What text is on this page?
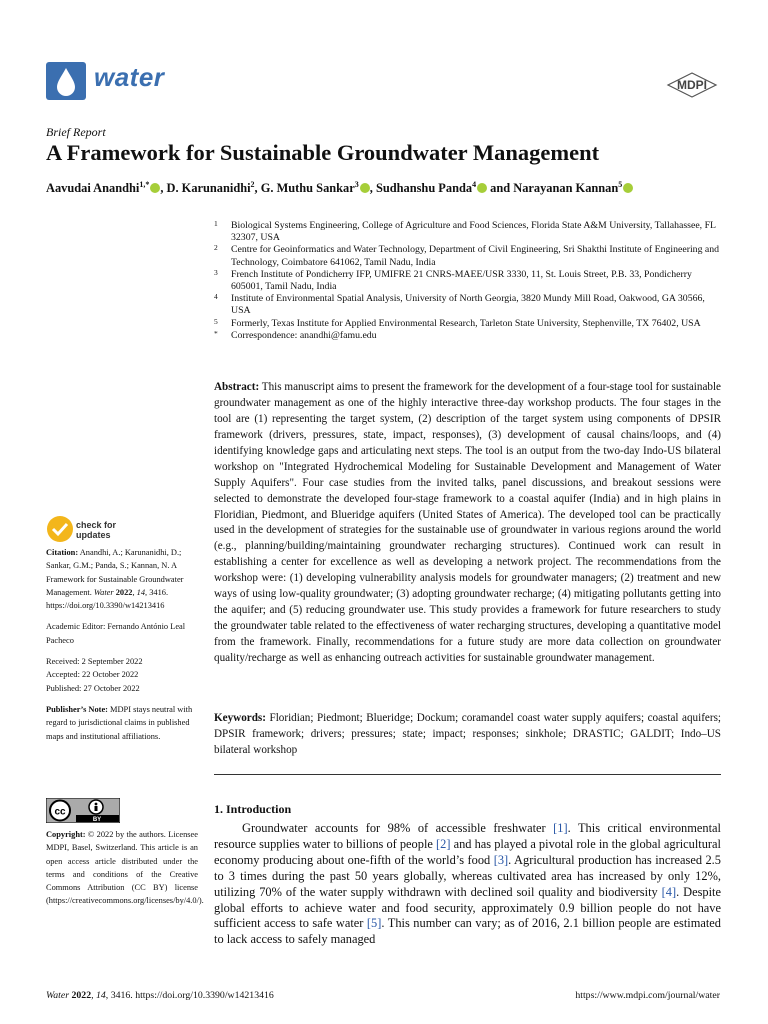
water	MDPI
Brief Report
A Framework for Sustainable Groundwater Management
Aavudai Anandhi$^{1,*}$ , D. Karunanidhi$^2$, G. Muthu Sankar$^3$ , Sudhanshu Panda$^4$ and Narayanan Kannan$^5$
1 Biological Systems Engineering, College of Agriculture and Food Sciences, Florida State A&M University, Tallahassee, FL 32307, USA
2 Centre for Geoinformatics and Water Technology, Department of Civil Engineering, Sri Shakthi Institute of Engineering and Technology, Coimbatore 641062, Tamil Nadu, India
3 French Institute of Pondicherry IFP, UMIFRE 21 CNRS-MAEE/USR 3330, 11, St. Louis Street, P.B. 33, Pondicherry 605001, Tamil Nadu, India
4 Institute of Environmental Spatial Analysis, University of North Georgia, 3820 Mundy Mill Road, Oakwood, GA 30566, USA
5 Formerly, Texas Institute for Applied Environmental Research, Tarleton State University, Stephenville, TX 76402, USA
* Correspondence: anandhi@famu.edu
Abstract: This manuscript aims to present the framework for the development of a four-stage tool for sustainable groundwater management as one of the highly interactive three-day workshop products. The four stages in the tool are (1) representing the target system, (2) description of the target system using components of DPSIR framework (drivers, pressures, state, impact, responses), (3) development of causal chains/loops, and (4) identifying knowledge gaps and articulating next steps. The tool is an output from the two-day Indo-US bilateral workshop on "Integrated Hydrochemical Modeling for Sustainable Development and Management of Water Supply Aquifers". Four case studies from the invited talks, panel discussions, and breakout sessions were selected to demonstrate the developed four-stage framework to a coastal aquifer (India) and in high plains in Floridian, Piedmont, and Blueridge aquifers (United States of America). The developed tool can be practically used in the development of strategies for the sustainable use of groundwater in various regions around the world (e.g., planning/building/maintaining groundwater recharging structures). Continued work can result in establishing a center for excellence as well as developing a network project. The recommendations from the workshop were: (1) developing vulnerability analysis models for groundwater managers; (2) treatment and new ways of using low-quality groundwater; (3) adopting groundwater recharge; (4) mitigating pollutants getting into the aquifer; and (5) reducing groundwater use. This study provides a framework for future researchers to study the groundwater table related to the effectiveness of water recharging structures, developing a quantitative model from the framework. Finally, recommendations for a future study are more data collection on groundwater quality/recharge as well as enhancing outreach activities for sustainable groundwater management.
Keywords: Floridian; Piedmont; Blueridge; Dockum; coramandel coast water supply aquifers; coastal aquifers; DPSIR framework; drivers; pressures; state; impact; responses; sinkhole; DRASTIC; GALDIT; Indo–US bilateral workshop
1. Introduction
Groundwater accounts for 98% of accessible freshwater [1]. This critical environmental resource supplies water to billions of people [2] and has played a pivotal role in the global agricultural economy producing about one-fifth of the world’s food [3]. Agricultural production has increased 2.5 to 3 times during the past 50 years globally, whereas cultivated area has increased by only 12%, utilizing 70% of the water supply withdrawn with declined soil quality and biodiversity [4]. Despite global efforts to achieve water and food security, approximately 0.9 billion people do not have sufficient access to safe water [5]. This number can vary; as of 2016, 2.1 billion people are estimated to lack access to safely managed
check for
updates

Citation: Anandhi, A.; Karunanidhi, D.; Sankar, G.M.; Panda, S.; Kannan, N. A Framework for Sustainable Groundwater Management. Water 2022, 14, 3416. https://doi.org/10.3390/w14213416

Academic Editor: Fernando António Leal Pacheco

Received: 2 September 2022

Accepted: 22 October 2022

Published: 27 October 2022

Publisher’s Note: MDPI stays neutral with regard to jurisdictional claims in published maps and institutional affiliations.

cc
BY
Copyright: © 2022 by the authors. Licensee MDPI, Basel, Switzerland. This article is an open access article distributed under the terms and conditions of the Creative Commons Attribution (CC BY) license (https://creativecommons.org/licenses/by/4.0/).
Water 2022, 14, 3416. https://doi.org/10.3390/w14213416	https://www.mdpi.com/journal/water
